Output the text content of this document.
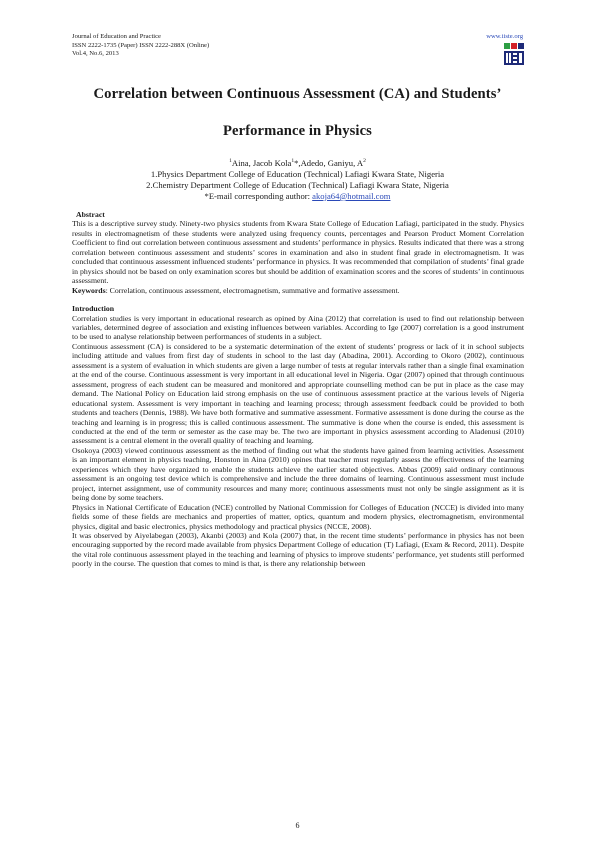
Journal of Education and Practice
ISSN 2222-1735 (Paper) ISSN 2222-288X (Online)
Vol.4, No.6, 2013
www.iiste.org
Correlation between Continuous Assessment (CA) and Students’
Performance in Physics
$^1$Aina, Jacob Kola$^1$*,Adedo, Ganiyu, $A^2$
1.Physics Department College of Education (Technical) Lafiagi Kwara State, Nigeria
2.Chemistry Department College of Education (Technical) Lafiagi Kwara State, Nigeria
*E-mail corresponding author: akoja64@hotmail.com
Abstract

This is a descriptive survey study. Ninety-two physics students from Kwara State College of Education Lafiagi, participated in the study. Physics results in electromagnetism of these students were analyzed using frequency counts, percentages and Pearson Product Moment Correlation Coefficient to find out correlation between continuous assessment and students’ performance in physics. Results indicated that there was a strong correlation between continuous assessment and students’ scores in examination and also in student final grade in electromagnetism. It was concluded that continuous assessment influenced students’ performance in physics. It was recommended that compilation of students’ final grade in physics should not be based on only examination scores but should be addition of examination scores and the scores of students’ in continuous assessment.

Keywords: Correlation, continuous assessment, electromagnetism, summative and formative assessment.

Introduction

Correlation studies is very important in educational research as opined by Aina (2012) that correlation is used to find out relationship between variables, determined degree of association and existing influences between variables. According to Ige (2007) correlation is a good instrument to be used to analyse relationship between performances of students in a subject.

Continuous assessment (CA) is considered to be a systematic determination of the extent of students’ progress or lack of it in school subjects including attitude and values from first day of students in school to the last day (Abadina, 2001). According to Okoro (2002), continuous assessment is a system of evaluation in which students are given a large number of tests at regular intervals rather than a single final examination at the end of the course. Continuous assessment is very important in all educational level in Nigeria. Ogar (2007) opined that through continuous assessment, progress of each student can be measured and monitored and appropriate counselling method can be put in place as the case may demand. The National Policy on Education laid strong emphasis on the use of continuous assessment practice at the various levels of Nigeria educational system. Assessment is very important in teaching and learning process; through assessment feedback could be provided to both students and teachers (Dennis, 1988). We have both formative and summative assessment. Formative assessment is done during the course as the teaching and learning is in progress; this is called continuous assessment. The summative is done when the course is ended, this assessment is conducted at the end of the term or semester as the case may be. The two are important in physics assessment according to Aladenusi (2010) assessment is a central element in the overall quality of teaching and learning.

Osokoya (2003) viewed continuous assessment as the method of finding out what the students have gained from learning activities. Assessment is an important element in physics teaching, Honston in Aina (2010) opines that teacher must regularly assess the effectiveness of the learning experiences which they have organized to enable the students achieve the earlier stated objectives. Abbas (2009) said ordinary continuous assessment is an ongoing test device which is comprehensive and include the three domains of learning. Continuous assessment must include project, internet assignment, use of community resources and many more; continuous assessments must not only be single assignment as it is being done by some teachers.

Physics in National Certificate of Education (NCE) controlled by National Commission for Colleges of Education (NCCE) is divided into many fields some of these fields are mechanics and properties of matter, optics, quantum and modern physics, electromagnetism, environmental physics, digital and basic electronics, physics methodology and practical physics (NCCE, 2008).

It was observed by Aiyelabegan (2003), Akanbi (2003) and Kola (2007) that, in the recent time students’ performance in physics has not been encouraging supported by the record made available from physics Department College of education (T) Lafiagi, (Exam & Record, 2011). Despite the vital role continuous assessment played in the teaching and learning of physics to improve students’ performance, yet students still performed poorly in the course. The question that comes to mind is that, is there any relationship between

6
